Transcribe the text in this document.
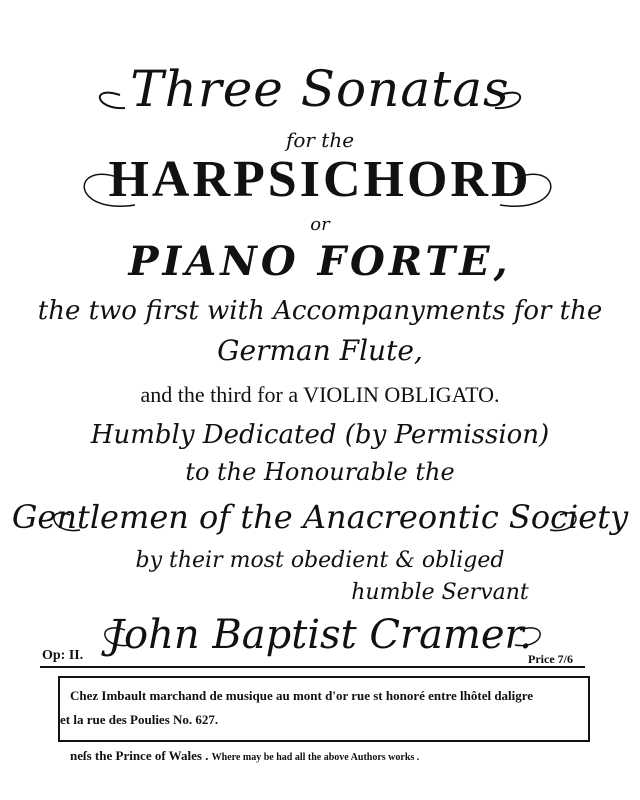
Three Sonatas
for the
HARPSICHORD
or
PIANO FORTE,
the two first with Accompanyments for the
German Flute,
and the third for a VIOLIN OBLIGATO.
Humbly Dedicated (by Permission)
to the Honourable the
Gentlemen of the Anacreontic Society
by their most obedient & obliged
humble Servant
John Baptist Cramer.
Op: II.	Price 7/6
Chez Imbault marchand de musique au mont d'or rue st honoré entre lhôtel daligre
et la rue des Poulies No. 627.
neſs the Prince of Wales . Where may be had all the above Authors works .
